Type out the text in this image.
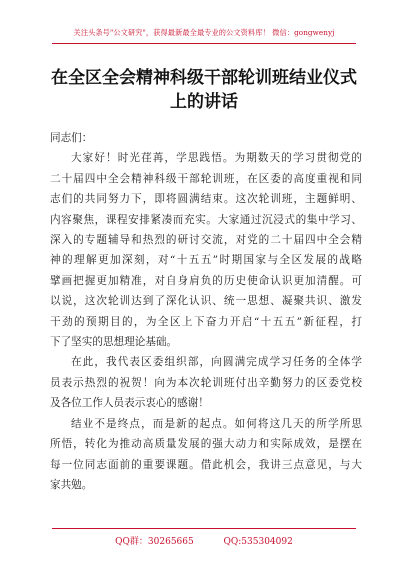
关注头条号"公文研究"，获得最新最全最专业的公文资料库！ 微信：gongwenyj
在全区全会精神科级干部轮训班结业仪式
上的讲话

同志们：

大家好！时光荏苒，学思践悟。为期数天的学习贯彻党的
二十届四中全会精神科级干部轮训班，在区委的高度重视和同
志们的共同努力下，即将圆满结束。这次轮训班，主题鲜明、
内容聚焦，课程安排紧凑而充实。大家通过沉浸式的集中学习、
深入的专题辅导和热烈的研讨交流，对党的二十届四中全会精
神的理解更加深刻，对“十五五”时期国家与全区发展的战略
擘画把握更加精准，对自身肩负的历史使命认识更加清醒。可
以说，这次轮训达到了深化认识、统一思想、凝聚共识、激发
干劲的预期目的，为全区上下奋力开启“十五五”新征程，打
下了坚实的思想理论基础。

在此，我代表区委组织部，向圆满完成学习任务的全体学
员表示热烈的祝贺！向为本次轮训班付出辛勤努力的区委党校
及各位工作人员表示衷心的感谢！

结业不是终点，而是新的起点。如何将这几天的所学所思
所悟，转化为推动高质量发展的强大动力和实际成效，是摆在
每一位同志面前的重要课题。借此机会，我讲三点意见，与大
家共勉。

QQ群：30265665	QQ:535304092
